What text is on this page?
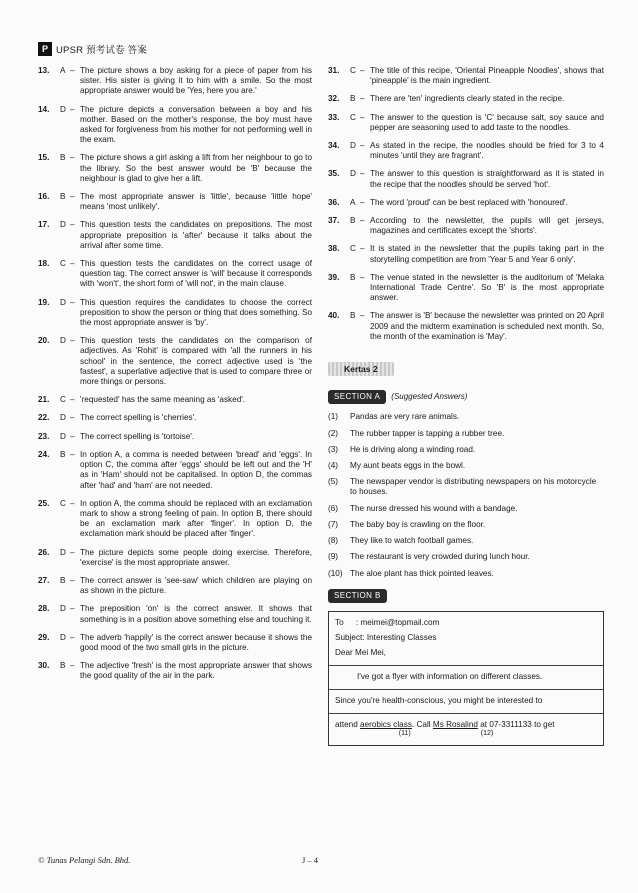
P UPSR 預考试卷 答案
13.	A – The picture shows a boy asking for a piece of paper from his sister. His sister is giving it to him with a smile. So the most appropriate answer would be 'Yes, here you are.'
14.	D – The picture depicts a conversation between a boy and his mother. Based on the mother's response, the boy must have asked for forgiveness from his mother for not performing well in the exam.
15.	B – The picture shows a girl asking a lift from her neighbour to go to the library. So the best answer would be 'B' because the neighbour is glad to give her a lift.
16.	B – The most appropriate answer is 'little', because 'little hope' means 'most unlikely'.
17.	D – This question tests the candidates on prepositions. The most appropriate preposition is 'after' because it talks about the arrival after some time.
18.	C – This question tests the candidates on the correct usage of question tag. The correct answer is 'will' because it corresponds with 'won't', the short form of 'will not', in the main clause.
19.	D – This question requires the candidates to choose the correct preposition to show the person or thing that does something. So the most appropriate answer is 'by'.
20.	D – This question tests the candidates on the comparison of adjectives. As 'Rohit' is compared with 'all the runners in his school' in the sentence, the correct adjective used is 'the fastest', a superlative adjective that is used to compare three or more things or persons.
21.	C – 'requested' has the same meaning as 'asked'.
22.	D – The correct spelling is 'cherries'.
23.	D – The correct spelling is 'tortoise'.
24.	B – In option A, a comma is needed between 'bread' and 'eggs'. In option C, the comma after 'eggs' should be left out and the 'H' as in 'Ham' should not be capitalised. In option D, the commas after 'had' and 'ham' are not needed.
25.	C – In option A, the comma should be replaced with an exclamation mark to show a strong feeling of pain. In option B, there should be an exclamation mark after 'finger'. In option D, the exclamation mark should be placed after 'finger'.
26.	D – The picture depicts some people doing exercise. Therefore, 'exercise' is the most appropriate answer.
27.	B – The correct answer is 'see-saw' which children are playing on as shown in the picture.
28.	D – The preposition 'on' is the correct answer. It shows that something is in a position above something else and touching it.
29.	D – The adverb 'happily' is the correct answer because it shows the good mood of the two small girls in the picture.
30.	B – The adjective 'fresh' is the most appropriate answer that shows the good quality of the air in the park.
31.	C – The title of this recipe, 'Oriental Pineapple Noodles', shows that 'pineapple' is the main ingredient.
32.	B – There are 'ten' ingredients clearly stated in the recipe.
33.	C – The answer to the question is 'C' because salt, soy sauce and pepper are seasoning used to add taste to the noodles.
34.	D – As stated in the recipe, the noodles should be fried for 3 to 4 minutes 'until they are fragrant'.
35.	D – The answer to this question is straightforward as it is stated in the recipe that the noodles should be served 'hot'.
36.	A – The word 'proud' can be best replaced with 'honoured'.
37.	B – According to the newsletter, the pupils will get jerseys, magazines and certificates except the 'shorts'.
38.	C – It is stated in the newsletter that the pupils taking part in the storytelling competition are from 'Year 5 and Year 6 only'.
39.	B – The venue stated in the newsletter is the auditorium of 'Melaka International Trade Centre'. So 'B' is the most appropriate answer.
40.	B – The answer is 'B' because the newsletter was printed on 20 April 2009 and the midterm examination is scheduled next month. So, the month of the examination is 'May'.
Kertas 2
SECTION A	(Suggested Answers)
(1)	Pandas are very rare animals.
(2)	The rubber tapper is tapping a rubber tree.
(3)	He is driving along a winding road.
(4)	My aunt beats eggs in the bowl.
(5)	The newspaper vendor is distributing newspapers on his motorcycle to houses.
(6)	The nurse dressed his wound with a bandage.
(7)	The baby boy is crawling on the floor.
(8)	They like to watch football games.
(9)	The restaurant is very crowded during lunch hour.
(10) The aloe plant has thick pointed leaves.
SECTION B
To : meimei@topmail.com
Subject: Interesting Classes
Dear Mei Mei,
I've got a flyer with information on different classes.
Since you're health-conscious, you might be interested to
attend aerobics class. Call Ms Rosalind at 07-3311133 to get
(11)	(12)
© Tunas Pelangi Sdn. Bhd.	J – 4
